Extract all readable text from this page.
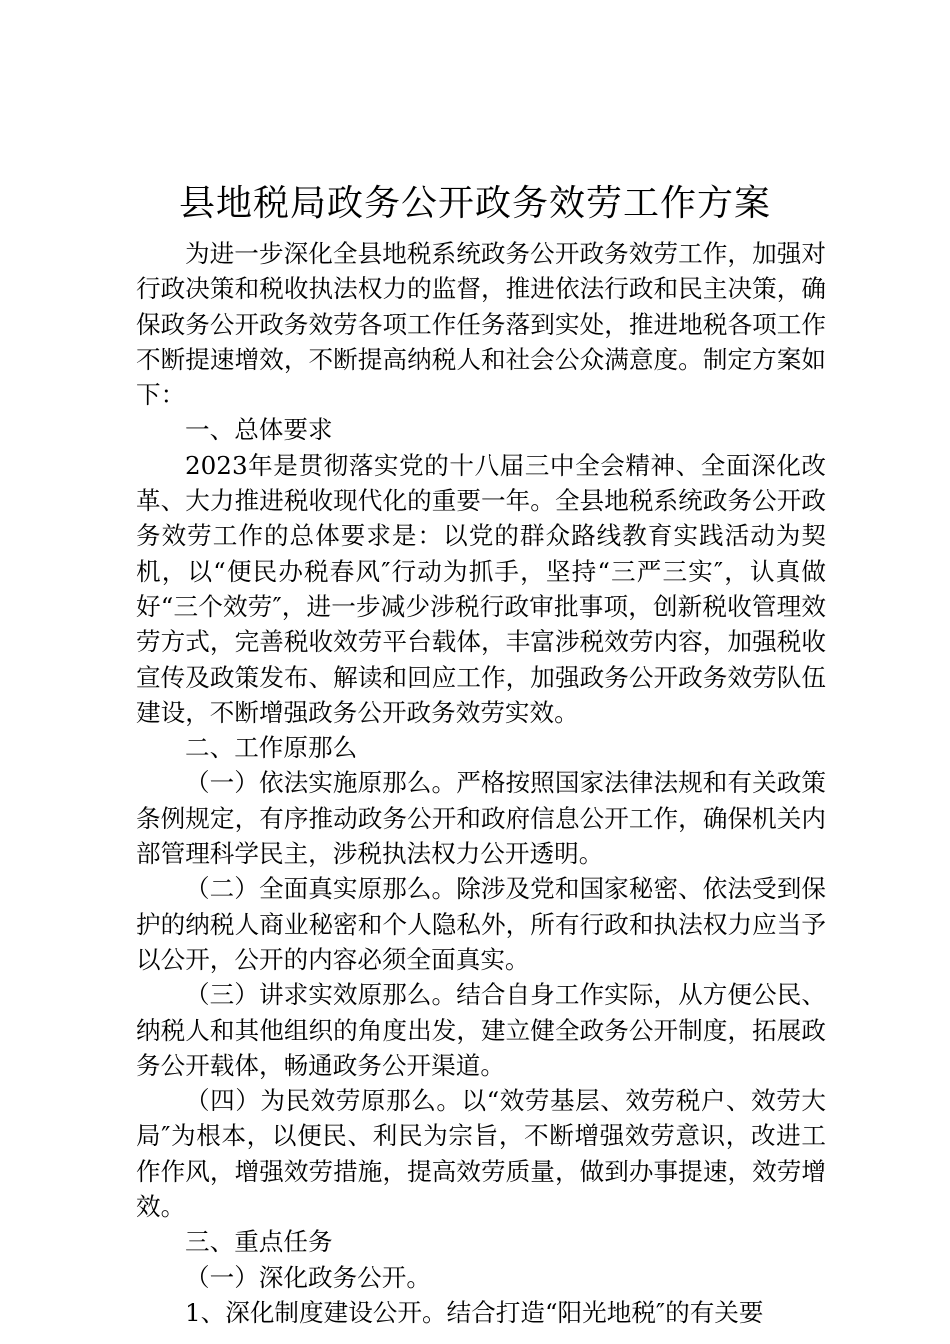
县地税局政务公开政务效劳工作方案

为进一步深化全县地税系统政务公开政务效劳工作，加强对行政决策和税收执法权力的监督，推进依法行政和民主决策，确保政务公开政务效劳各项工作任务落到实处，推进地税各项工作不断提速增效，不断提高纳税人和社会公众满意度。制定方案如下：

一、总体要求

2023年是贯彻落实党的十八届三中全会精神、全面深化改革、大力推进税收现代化的重要一年。全县地税系统政务公开政务效劳工作的总体要求是：以党的群众路线教育实践活动为契机，以“便民办税春风″行动为抓手，坚持“三严三实″，认真做好“三个效劳″，进一步减少涉税行政审批事项，创新税收管理效劳方式，完善税收效劳平台载体，丰富涉税效劳内容，加强税收宣传及政策发布、解读和回应工作，加强政务公开政务效劳队伍建设，不断增强政务公开政务效劳实效。

二、工作原那么

（一）依法实施原那么。严格按照国家法律法规和有关政策条例规定，有序推动政务公开和政府信息公开工作，确保机关内部管理科学民主，涉税执法权力公开透明。

（二）全面真实原那么。除涉及党和国家秘密、依法受到保护的纳税人商业秘密和个人隐私外，所有行政和执法权力应当予以公开，公开的内容必须全面真实。

（三）讲求实效原那么。结合自身工作实际，从方便公民、纳税人和其他组织的角度出发，建立健全政务公开制度，拓展政务公开载体，畅通政务公开渠道。

（四）为民效劳原那么。以“效劳基层、效劳税户、效劳大局″为根本，以便民、利民为宗旨，不断增强效劳意识，改进工作作风，增强效劳措施，提高效劳质量，做到办事提速，效劳增效。

三、重点任务

（一）深化政务公开。

1、深化制度建设公开。结合打造“阳光地税″的有关要
